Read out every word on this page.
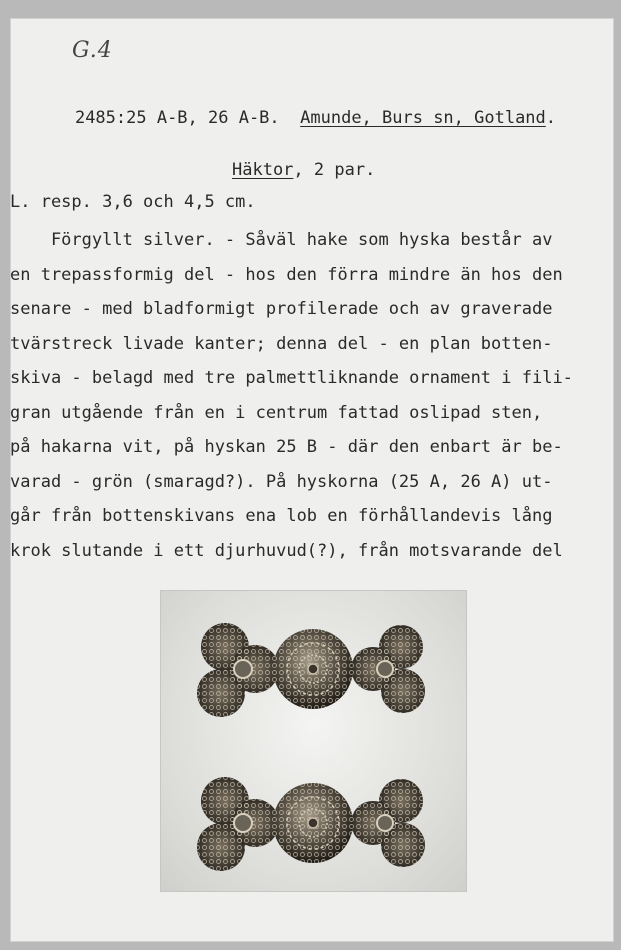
G.4

2485:25 A-B, 26 A-B. Amunde, Burs sn, Gotland.

Häktor, 2 par.
L. resp. 3,6 och 4,5 cm.
Förgyllt silver. - Såväl hake som hyska består av
en trepassformig del - hos den förra mindre än hos den
senare - med bladformigt profilerade och av graverade
tvärstreck livade kanter; denna del - en plan botten-
skiva - belagd med tre palmettliknande ornament i fili-
gran utgående från en i centrum fattad oslipad sten,
på hakarna vit, på hyskan 25 B - där den enbart är be-
varad - grön (smaragd?). På hyskorna (25 A, 26 A) ut-
går från bottenskivans ena lob en förhållandevis lång
krok slutande i ett djurhuvud(?), från motsvarande del
